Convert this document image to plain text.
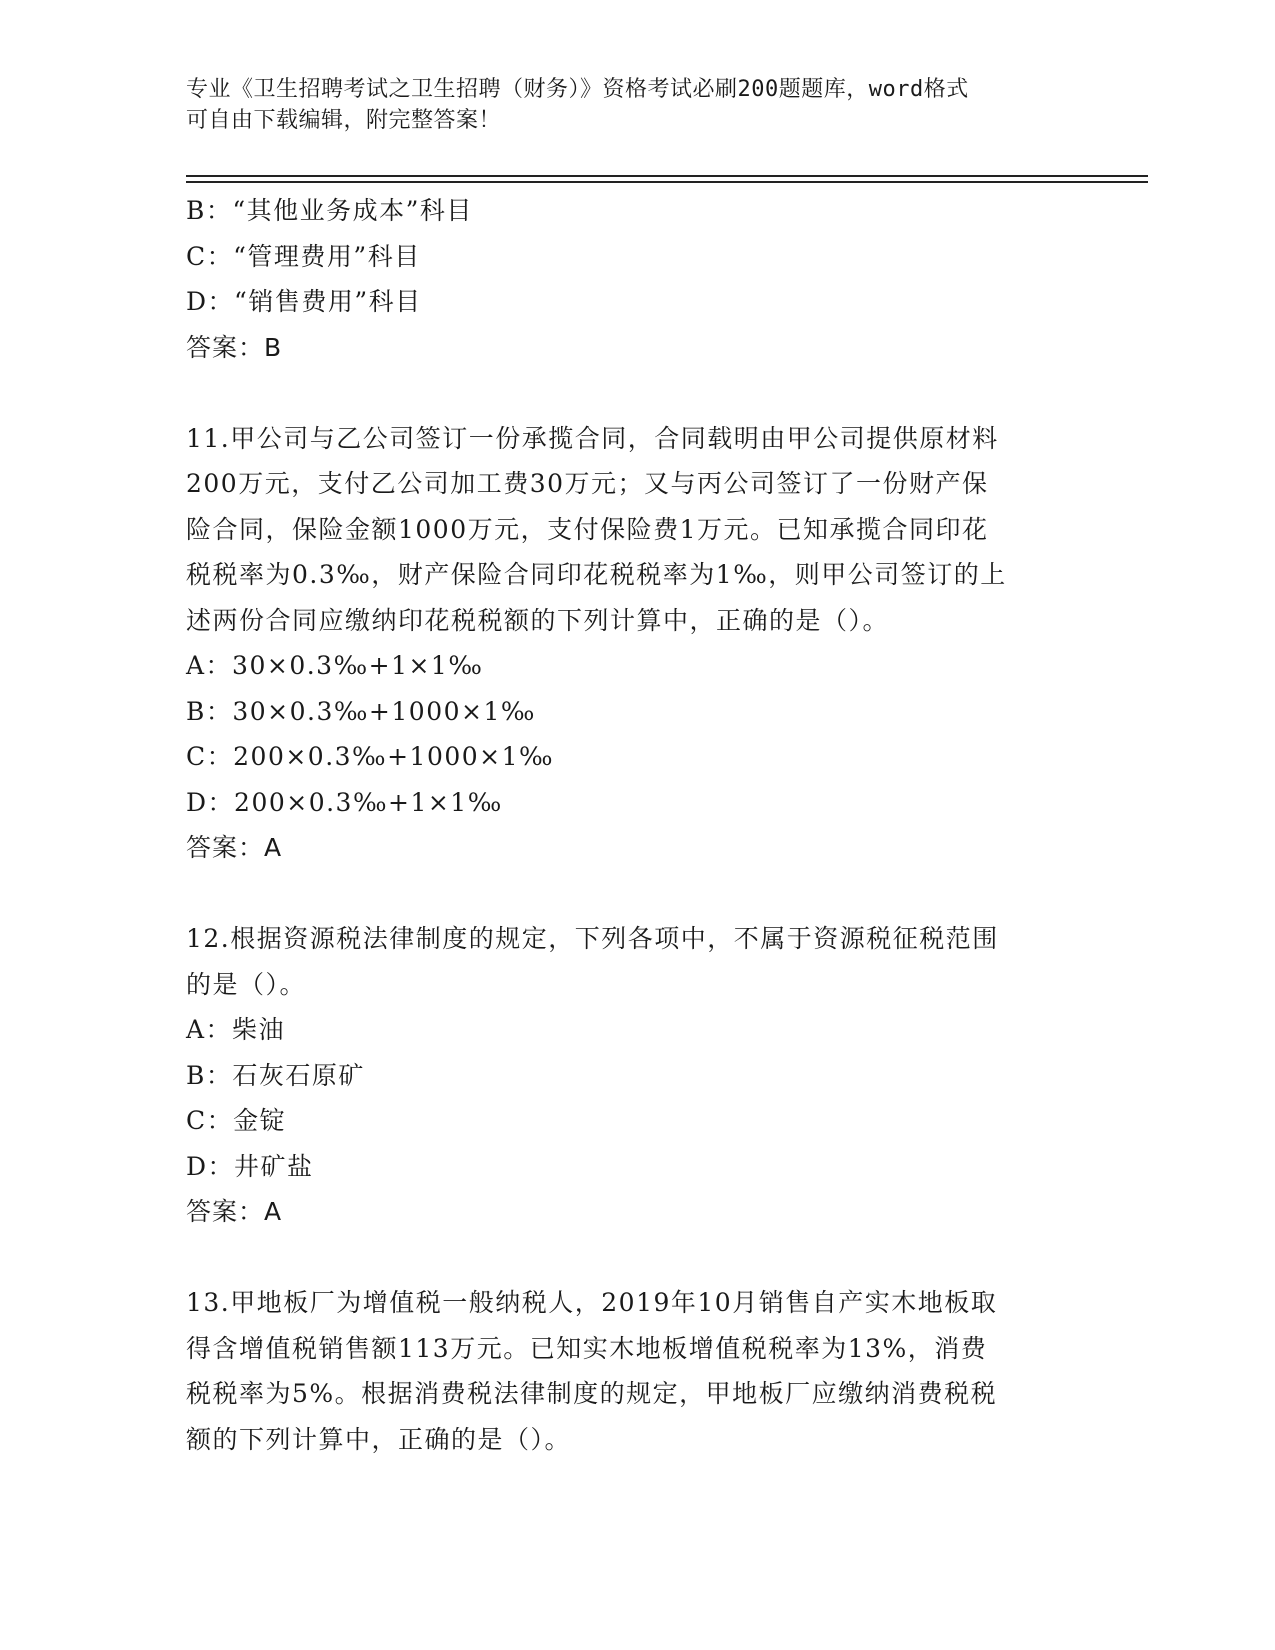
专业《卫生招聘考试之卫生招聘（财务）》资格考试必刷200题题库，word格式
可自由下载编辑，附完整答案！

B：“其他业务成本”科目

C：“管理费用”科目

D：“销售费用”科目

答案：B

11.甲公司与乙公司签订一份承揽合同，合同载明由甲公司提供原材料

200万元，支付乙公司加工费30万元；又与丙公司签订了一份财产保

险合同，保险金额1000万元，支付保险费1万元。已知承揽合同印花

税税率为0.3‰，财产保险合同印花税税率为1‰，则甲公司签订的上

述两份合同应缴纳印花税税额的下列计算中，正确的是（）。

A：30×0.3‰+1×1‰

B：30×0.3‰+1000×1‰

C：200×0.3‰+1000×1‰

D：200×0.3‰+1×1‰

答案：A

12.根据资源税法律制度的规定，下列各项中，不属于资源税征税范围

的是（）。

A：柴油

B：石灰石原矿

C：金锭

D：井矿盐

答案：A

13.甲地板厂为增值税一般纳税人，2019年10月销售自产实木地板取

得含增值税销售额113万元。已知实木地板增值税税率为13%，消费

税税率为5%。根据消费税法律制度的规定，甲地板厂应缴纳消费税税

额的下列计算中，正确的是（）。
